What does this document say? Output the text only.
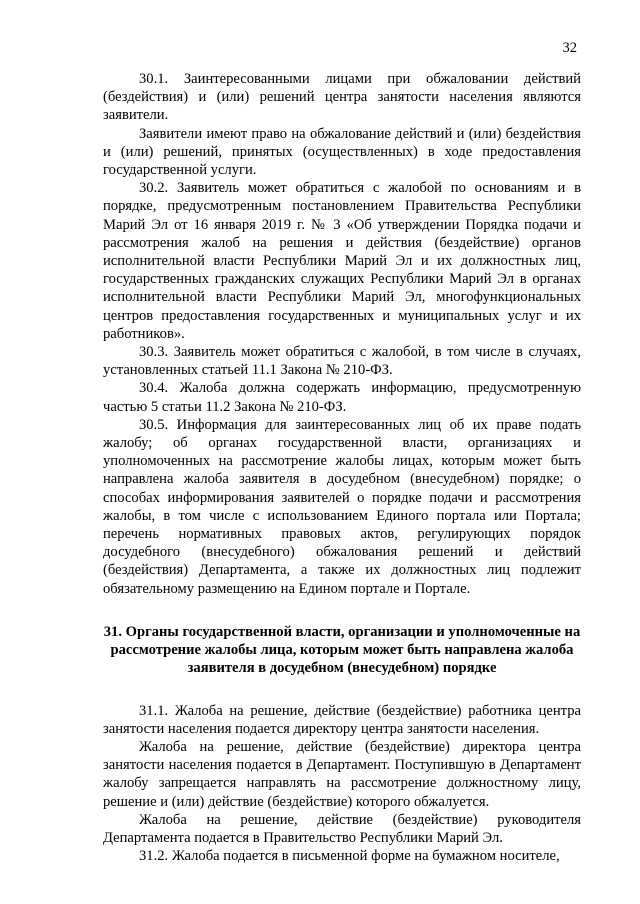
32

30.1. Заинтересованными лицами при обжаловании действий (бездействия) и (или) решений центра занятости населения являются заявители.

Заявители имеют право на обжалование действий и (или) бездействия и (или) решений, принятых (осуществленных) в ходе предоставления государственной услуги.

30.2. Заявитель может обратиться с жалобой по основаниям и в порядке, предусмотренным постановлением Правительства Республики Марий Эл от 16 января 2019 г. № 3 «Об утверждении Порядка подачи и рассмотрения жалоб на решения и действия (бездействие) органов исполнительной власти Республики Марий Эл и их должностных лиц, государственных гражданских служащих Республики Марий Эл в органах исполнительной власти Республики Марий Эл, многофункциональных центров предоставления государственных и муниципальных услуг и их работников».

30.3. Заявитель может обратиться с жалобой, в том числе в случаях, установленных статьей 11.1 Закона № 210-ФЗ.

30.4. Жалоба должна содержать информацию, предусмотренную частью 5 статьи 11.2 Закона № 210-ФЗ.

30.5. Информация для заинтересованных лиц об их праве подать жалобу; об органах государственной власти, организациях и уполномоченных на рассмотрение жалобы лицах, которым может быть направлена жалоба заявителя в досудебном (внесудебном) порядке; о способах информирования заявителей о порядке подачи и рассмотрения жалобы, в том числе с использованием Единого портала или Портала; перечень нормативных правовых актов, регулирующих порядок досудебного (внесудебного) обжалования решений и действий (бездействия) Департамента, а также их должностных лиц подлежит обязательному размещению на Едином портале и Портале.

31. Органы государственной власти, организации и уполномоченные на рассмотрение жалобы лица, которым может быть направлена жалоба заявителя в досудебном (внесудебном) порядке

31.1. Жалоба на решение, действие (бездействие) работника центра занятости населения подается директору центра занятости населения.

Жалоба на решение, действие (бездействие) директора центра занятости населения подается в Департамент. Поступившую в Департамент жалобу запрещается направлять на рассмотрение должностному лицу, решение и (или) действие (бездействие) которого обжалуется.

Жалоба на решение, действие (бездействие) руководителя Департамента подается в Правительство Республики Марий Эл.

31.2. Жалоба подается в письменной форме на бумажном носителе,
